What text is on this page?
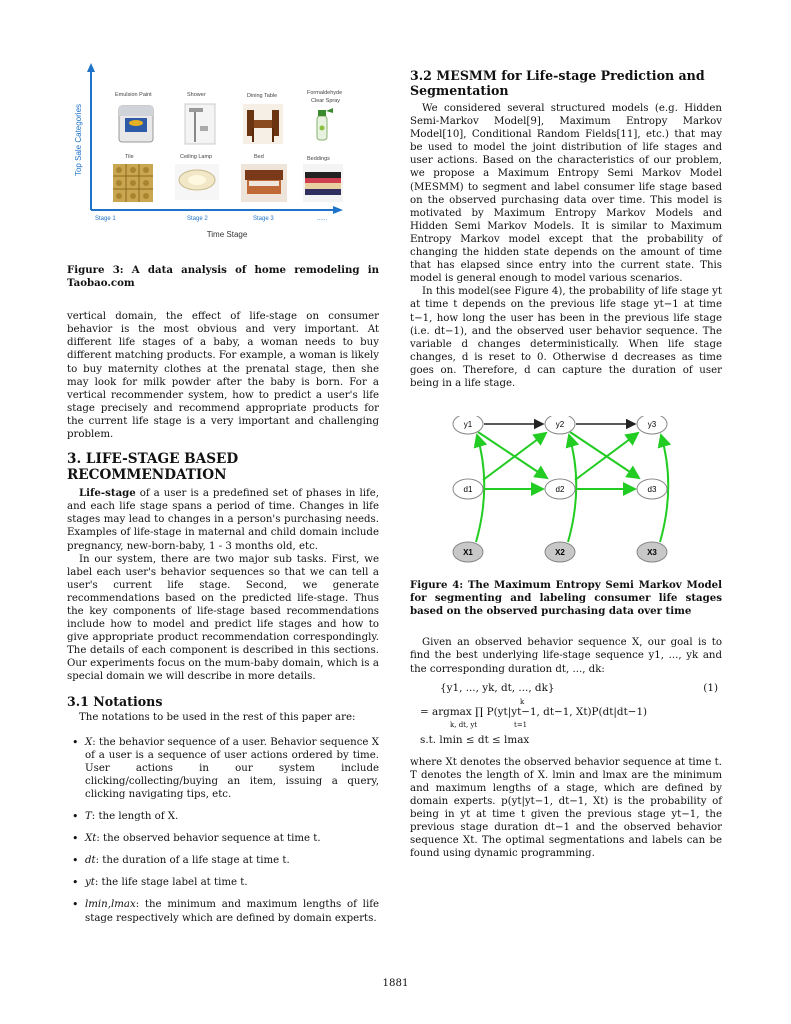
Top Sale Categories
Time Stage
Emulsion Paint	Shower	Dining Table	Formaldehyde
Clear Spray
Tile	Ceiling Lamp	Bed	Beddings
Stage 1	Stage 2	Stage 3	......

Figure 3: A data analysis of home remodeling in Taobao.com

vertical domain, the effect of life-stage on consumer behavior is the most obvious and very important. At different life stages of a baby, a woman needs to buy different matching products. For example, a woman is likely to buy maternity clothes at the prenatal stage, then she may look for milk powder after the baby is born. For a vertical recommender system, how to predict a user's life stage precisely and recommend appropriate products for the current life stage is a very important and challenging problem.

3. LIFE-STAGE BASED RECOMMENDATION

Life-stage of a user is a predefined set of phases in life, and each life stage spans a period of time. Changes in life stages may lead to changes in a person's purchasing needs. Examples of life-stage in maternal and child domain include pregnancy, new-born-baby, 1 - 3 months old, etc.

In our system, there are two major sub tasks. First, we label each user's behavior sequences so that we can tell a user's current life stage. Second, we generate recommendations based on the predicted life-stage. Thus the key components of life-stage based recommendations include how to model and predict life stages and how to give appropriate product recommendation correspondingly. The details of each component is described in this sections. Our experiments focus on the mum-baby domain, which is a special domain we will describe in more details.

3.1 Notations

The notations to be used in the rest of this paper are:

• X: the behavior sequence of a user. Behavior sequence X of a user is a sequence of user actions ordered by time. User actions in our system include clicking/collecting/buying an item, issuing a query, clicking navigating tips, etc.
• T: the length of X.
• Xt: the observed behavior sequence at time t.
• dt: the duration of a life stage at time t.
• yt: the life stage label at time t.
• lmin,lmax: the minimum and maximum lengths of life stage respectively which are defined by domain experts.
3.2 MESMM for Life-stage Prediction and Segmentation

We considered several structured models (e.g. Hidden Semi-Markov Model[9], Maximum Entropy Markov Model[10], Conditional Random Fields[11], etc.) that may be used to model the joint distribution of life stages and user actions. Based on the characteristics of our problem, we propose a Maximum Entropy Semi Markov Model (MESMM) to segment and label consumer life stage based on the observed purchasing data over time. This model is motivated by Maximum Entropy Markov Models and Hidden Semi Markov Models. It is similar to Maximum Entropy Markov model except that the probability of changing the hidden state depends on the amount of time that has elapsed since entry into the current state. This model is general enough to model various scenarios.

In this model(see Figure 4), the probability of life stage yt at time t depends on the previous life stage yt−1 at time t−1, how long the user has been in the previous life stage (i.e. dt−1), and the observed user behavior sequence. The variable d changes deterministically. When life stage changes, d is reset to 0. Otherwise d decreases as time goes on. Therefore, d can capture the duration of user being in a life stage.

y1	y2	y3
d1	d2	d3
X1	X2	X3

Figure 4: The Maximum Entropy Semi Markov Model for segmenting and labeling consumer life stages based on the observed purchasing data over time

Given an observed behavior sequence X, our goal is to find the best underlying life-stage sequence y1, ..., yk and the corresponding duration dt, ..., dk:

{y1, ..., yk, dt, ..., dk}	(1)
k
= argmax ∏ P(yt|yt−1, dt−1, Xt)P(dt|dt−1)
k, dt, yt	t=1
s.t. lmin ≤ dt ≤ lmax

where Xt denotes the observed behavior sequence at time t. T denotes the length of X. lmin and lmax are the minimum and maximum lengths of a stage, which are defined by domain experts. p(yt|yt−1, dt−1, Xt) is the probability of being in yt at time t given the previous stage yt−1, the previous stage duration dt−1 and the observed behavior sequence Xt. The optimal segmentations and labels can be found using dynamic programming.

1881
